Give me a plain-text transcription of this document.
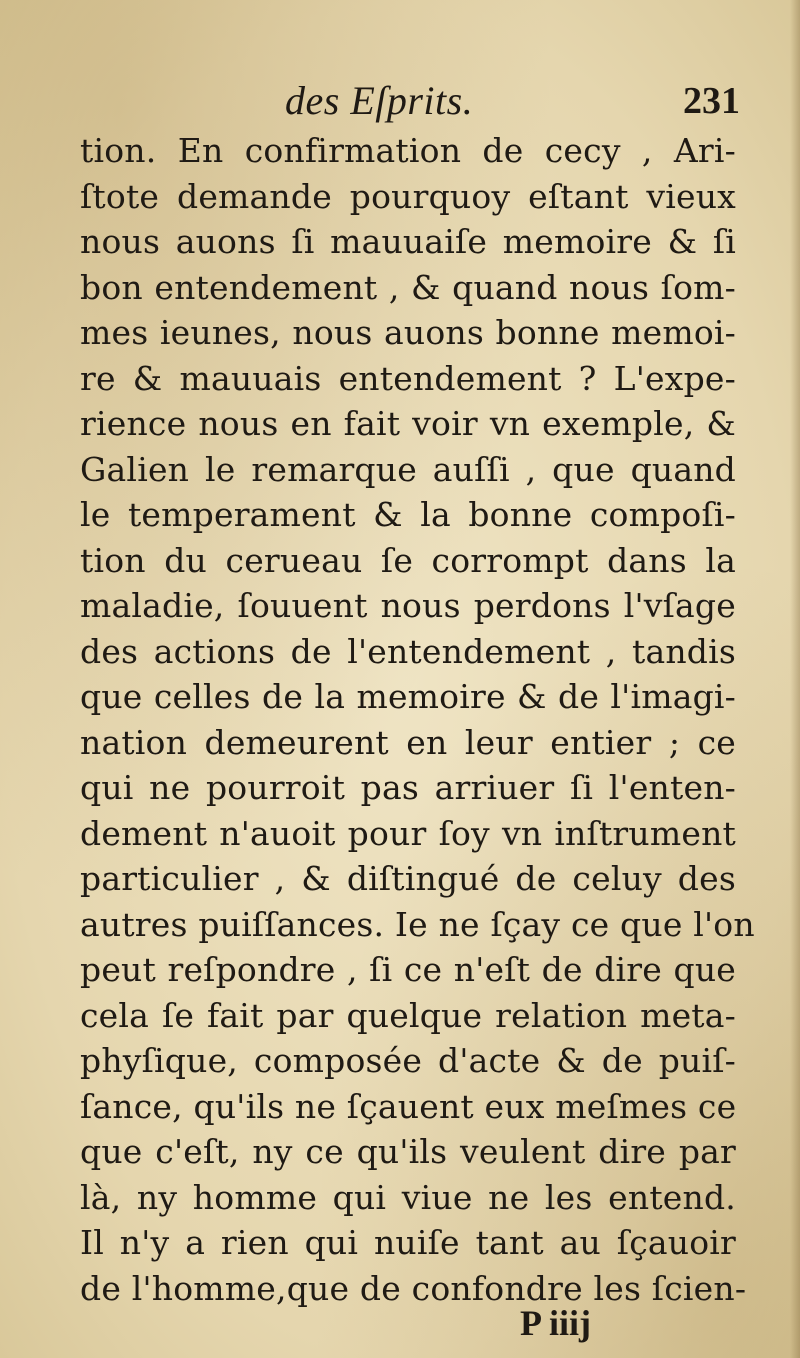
des Eſprits.	231
tion. En confirmation de cecy , Ari-
ſtote demande pourquoy eſtant vieux
nous auons ſi mauuaiſe memoire & ſi
bon entendement , & quand nous ſom-
mes ieunes, nous auons bonne memoi-
re & mauuais entendement ? L'expe-
rience nous en fait voir vn exemple, &
Galien le remarque auſſi , que quand
le temperament & la bonne compoſi-
tion du cerueau ſe corrompt dans la
maladie, ſouuent nous perdons l'vſage
des actions de l'entendement , tandis
que celles de la memoire & de l'imagi-
nation demeurent en leur entier ; ce
qui ne pourroit pas arriuer ſi l'enten-
dement n'auoit pour ſoy vn inſtrument
particulier , & diſtingué de celuy des
autres puiſſances. Ie ne ſçay ce que l'on
peut reſpondre , ſi ce n'eſt de dire que
cela ſe fait par quelque relation meta-
phyſique, composée d'acte & de puiſ-
ſance, qu'ils ne ſçauent eux meſmes ce
que c'eſt, ny ce qu'ils veulent dire par
là, ny homme qui viue ne les entend.
Il n'y a rien qui nuiſe tant au ſçauoir
de l'homme,que de confondre les ſcien-
P iiij
